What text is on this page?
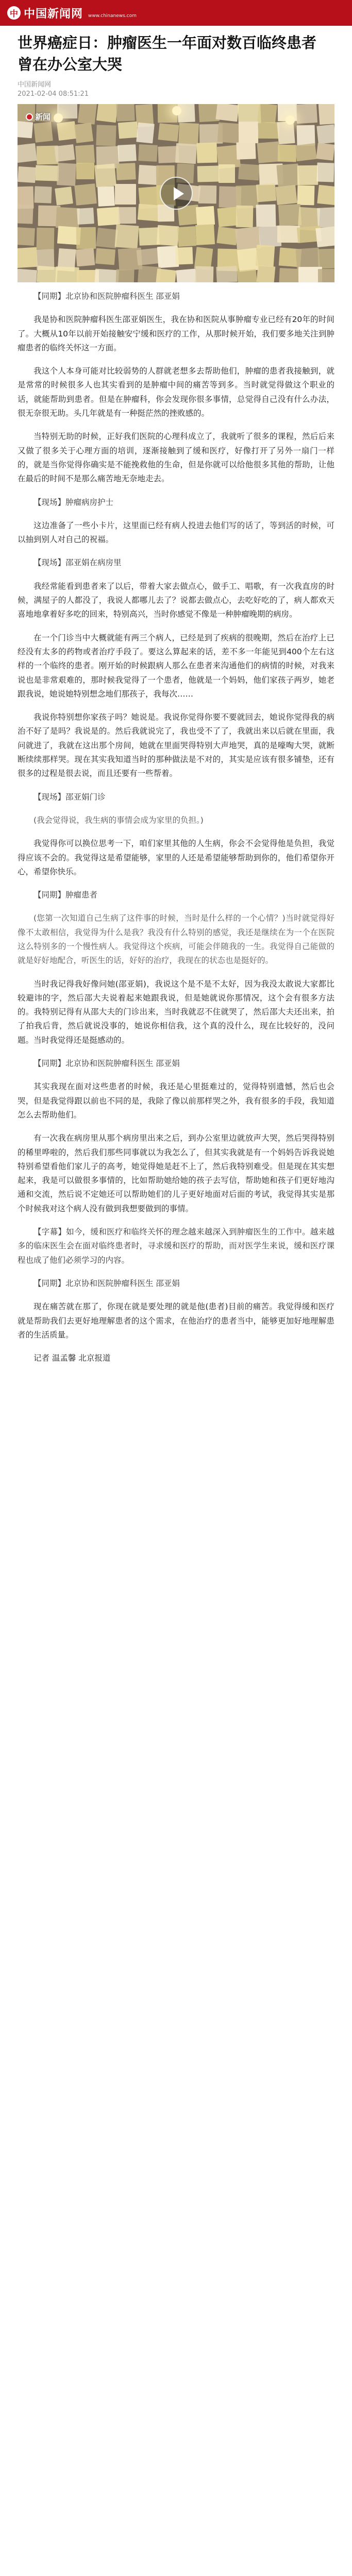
中 中国新闻网 www.chinanews.com
世界癌症日：肿瘤医生一年面对数百临终患者 曾在办公室大哭
中国新闻网
2021-02-04 08:51:21
新闻

【同期】北京协和医院肿瘤科医生 邵亚娟

我是协和医院肿瘤科医生邵亚娟医生，我在协和医院从事肿瘤专业已经有20年的时间了。大概从10年以前开始接触安宁缓和医疗的工作，从那时候开始，我们要多地关注到肿瘤患者的临终关怀这一方面。

我这个人本身可能对比较弱势的人群就老想多去帮助他们，肿瘤的患者我接触到，就是常常的时候很多人也其实看到的是肿瘤中间的痛苦等到多。当时就觉得做这个职业的话，就能帮助到患者。但是在肿瘤科，你会发现你很多事情，总觉得自己没有什么办法，很无奈很无助。头几年就是有一种挺茫然的挫败感的。

当特别无助的时候，正好我们医院的心理科成立了，我就听了很多的课程，然后后来又做了很多关于心理方面的培训，逐渐接触到了缓和医疗，好像打开了另外一扇门一样的，就是当你觉得你确实是不能挽救他的生命，但是你就可以给他很多其他的帮助，让他在最后的时间不是那么痛苦地无奈地走去。

【现场】肿瘤病房护士

这边准备了一些小卡片，这里面已经有病人投进去他们写的话了，等到活的时候，可以抽到别人对自己的祝福。

【现场】邵亚娟在病房里

我经常能看到患者来了以后，带着大家去做点心，做手工、唱歌，有一次我直房的时候，满屋子的人都没了，我说人都哪儿去了？说都去做点心，去吃好吃的了，病人都欢天喜地地拿着好多吃的回来，特别高兴，当时你感觉不像是一种肿瘤晚期的病房。

在一个门诊当中大概就能有两三个病人，已经是到了疾病的很晚期，然后在治疗上已经没有太多的药物或者治疗手段了。要这么算起来的话，差不多一年能见到400个左右这样的一个临终的患者。刚开始的时候跟病人那么在患者来沟通他们的病情的时候，对我来说也是非常艰难的，那时候我觉得了一个患者，他就是一个妈妈，他们家孩子两岁，她老跟我说，她说她特别想念地们那孩子，我每次……

我说你特别想你家孩子吗？她说是。我说你觉得你要不要就回去，她说你觉得我的病治不好了是吗？我说是的。然后我就说完了，我也受不了了，我就出来以后就在里面，我问就进了，我就在这出那个房间，她就在里面哭得特别大声地哭，真的是嚎啕大哭，就断断续续那样哭。现在其实我知道当时的那种做法是不对的，其实是应该有很多铺垫，还有很多的过程是很去说，而且还要有一些帮着。

【现场】邵亚娟门诊

(我会觉得说，我生病的事情会成为家里的负担。)

我觉得你可以换位思考一下，咱们家里其他的人生病，你会不会觉得他是负担，我觉得应该不会的。我觉得这是希望能够，家里的人还是希望能够帮助到你的，他们希望你开心，希望你快乐。

【同期】肿瘤患者

(您第一次知道自己生病了这件事的时候，当时是什么样的一个心情？)当时就觉得好像不太敢相信，我觉得为什么是我？我没有什么特别的感觉，我还是继续在为一个在医院这么特别多的一个慢性病人。我觉得这个疾病，可能会伴随我的一生。我觉得自己能做的就是好好地配合，听医生的话，好好的治疗，我现在的状态也是挺好的。

当时我记得我好像问她(邵亚娟)，我说这个是不是不太好，因为我没太敢说大家都比较避讳的字，然后邵大夫说着起来她跟我说，但是她就说你那情况，这个会有很多方法的。我特别记得有从邵大夫的门诊出来，当时我就忍不住就哭了，然后邵大夫还出来，拍了拍我后背，然后就说没事的，她说你相信我，这个真的没什么，现在比较好的，没问题。当时我觉得还是挺感动的。

【同期】北京协和医院肿瘤科医生 邵亚娟

其实我现在面对这些患者的时候，我还是心里挺难过的，觉得特别遗憾，然后也会哭，但是我觉得跟以前也不同的是，我除了像以前那样哭之外，我有很多的手段，我知道怎么去帮助他们。

有一次我在病房里从那个病房里出来之后，到办公室里边就放声大哭，然后哭得特别的稀里哗啦的，然后我们那些同事就以为我怎么了，但其实我就是有一个妈妈告诉我说她特别希望看他们家儿子的高考，她觉得她是赶不上了，然后我特别难受。但是现在其实想起来，我是可以做很多事情的，比如帮助她给她的孩子去写信，帮助她和孩子们更好地沟通和交流，然后说不定她还可以帮助她们的儿子更好地面对后面的考试，我觉得其实是那个时候我对这个病人没有做到我想要做到的事情。

【字幕】如今，缓和医疗和临终关怀的理念越来越深入到肿瘤医生的工作中。越来越多的临床医生会在面对临终患者时，寻求缓和医疗的帮助，而对医学生来说，缓和医疗课程也成了他们必须学习的内容。

【同期】北京协和医院肿瘤科医生 邵亚娟

现在痛苦就在那了，你现在就是要处理的就是他(患者)目前的痛苦。我觉得缓和医疗就是帮助我们去更好地理解患者的这个需求，在他治疗的患者当中，能够更加好地理解患者的生活质量。

记者 温孟馨 北京报道
